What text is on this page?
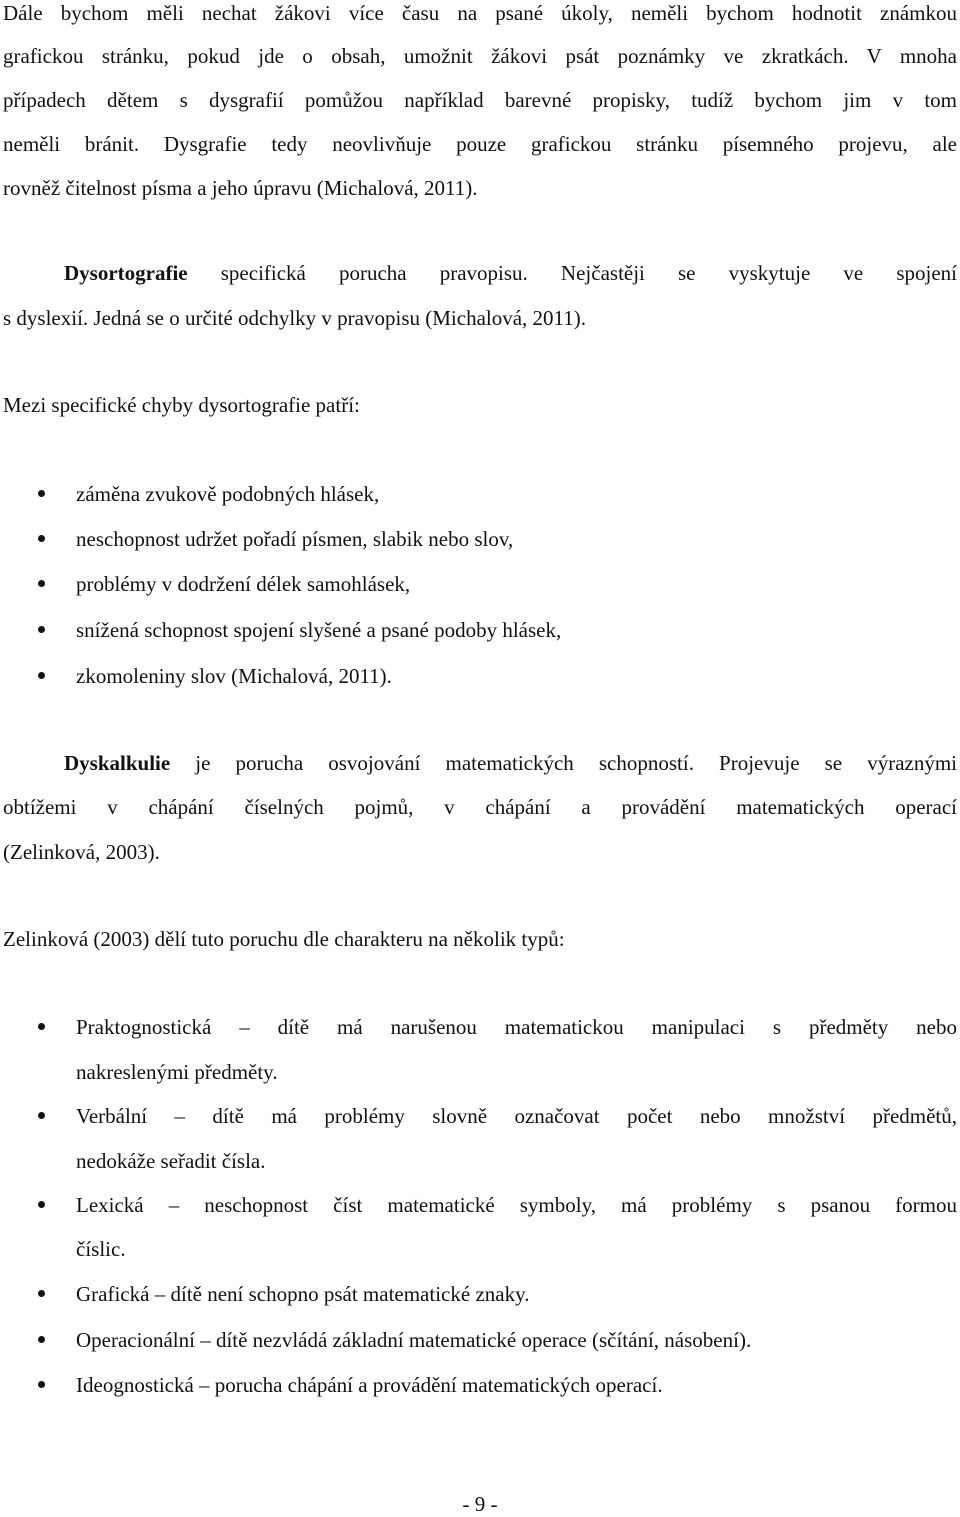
Dále bychom měli nechat žákovi více času na psané úkoly, neměli bychom hodnotit známkou
grafickou stránku, pokud jde o obsah, umožnit žákovi psát poznámky ve zkratkách. V mnoha
případech dětem s dysgrafií pomůžou například barevné propisky, tudíž bychom jim v tom
neměli bránit. Dysgrafie tedy neovlivňuje pouze grafickou stránku písemného projevu, ale
rovněž čitelnost písma a jeho úpravu (Michalová, 2011).
Dysortografie specifická porucha pravopisu. Nejčastěji se vyskytuje ve spojení
s dyslexií. Jedná se o určité odchylky v pravopisu (Michalová, 2011).
Mezi specifické chyby dysortografie patří:
záměna zvukově podobných hlásek,
neschopnost udržet pořadí písmen, slabik nebo slov,
problémy v dodržení délek samohlásek,
snížená schopnost spojení slyšené a psané podoby hlásek,
zkomoleniny slov (Michalová, 2011).
Dyskalkulie je porucha osvojování matematických schopností. Projevuje se výraznými
obtížemi v chápání číselných pojmů, v chápání a provádění matematických operací
(Zelinková, 2003).
Zelinková (2003) dělí tuto poruchu dle charakteru na několik typů:
Praktognostická – dítě má narušenou matematickou manipulaci s předměty nebo
nakreslenými předměty.
Verbální – dítě má problémy slovně označovat počet nebo množství předmětů,
nedokáže seřadit čísla.
Lexická – neschopnost číst matematické symboly, má problémy s psanou formou
číslic.
Grafická – dítě není schopno psát matematické znaky.
Operacionální – dítě nezvládá základní matematické operace (sčítání, násobení).
Ideognostická – porucha chápání a provádění matematických operací.
- 9 -
